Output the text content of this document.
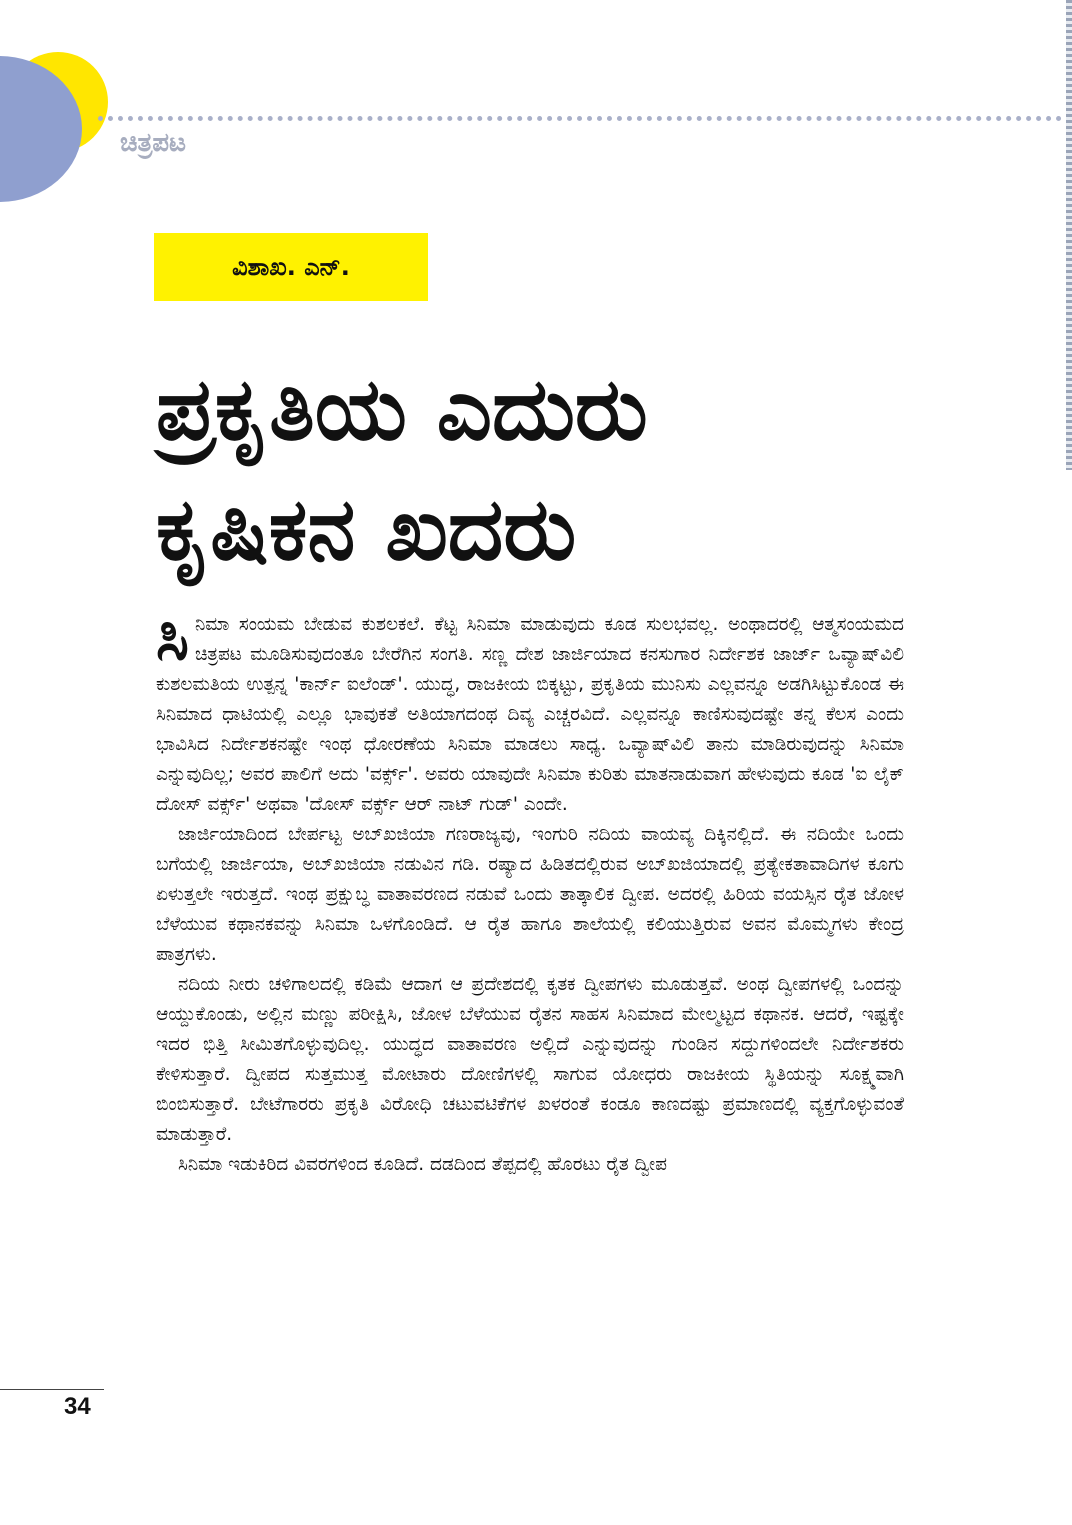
ಚಿತ್ರಪಟ
ವಿಶಾಖ. ಎನ್.
ಪ್ರಕೃತಿಯ ಎದುರು
ಕೃಷಿಕನ ಖದರು

ಸಿ ನಿಮಾ ಸಂಯಮ ಬೇಡುವ ಕುಶಲಕಲೆ. ಕೆಟ್ಟ ಸಿನಿಮಾ ಮಾಡುವುದು ಕೂಡ ಸುಲಭವಲ್ಲ. ಅಂಥಾದರಲ್ಲಿ ಆತ್ಮಸಂಯಮದ ಚಿತ್ರಪಟ ಮೂಡಿಸುವುದಂತೂ ಬೇರೆಗಿನ ಸಂಗತಿ. ಸಣ್ಣ ದೇಶ ಜಾರ್ಜಿಯಾದ ಕನಸುಗಾರ ನಿರ್ದೇಶಕ ಜಾರ್ಜ್ ಒವ್ಯಾಷ್‌ವಿಲಿ ಕುಶಲಮತಿಯ ಉತ್ಪನ್ನ 'ಕಾರ್ನ್ ಐಲೆಂಡ್'. ಯುದ್ಧ, ರಾಜಕೀಯ ಬಿಕ್ಕಟ್ಟು, ಪ್ರಕೃತಿಯ ಮುನಿಸು ಎಲ್ಲವನ್ನೂ ಅಡಗಿಸಿಟ್ಟುಕೊಂಡ ಈ ಸಿನಿಮಾದ ಧಾಟಿಯಲ್ಲಿ ಎಲ್ಲೂ ಭಾವುಕತೆ ಅತಿಯಾಗದಂಥ ದಿವ್ಯ ಎಚ್ಚರವಿದೆ. ಎಲ್ಲವನ್ನೂ ಕಾಣಿಸುವುದಷ್ಟೇ ತನ್ನ ಕೆಲಸ ಎಂದು ಭಾವಿಸಿದ ನಿರ್ದೇಶಕನಷ್ಟೇ ಇಂಥ ಧೋರಣೆಯ ಸಿನಿಮಾ ಮಾಡಲು ಸಾಧ್ಯ. ಒವ್ಯಾಷ್‌ವಿಲಿ ತಾನು ಮಾಡಿರುವುದನ್ನು ಸಿನಿಮಾ ಎನ್ನುವುದಿಲ್ಲ; ಅವರ ಪಾಲಿಗೆ ಅದು 'ವರ್ಕ್ಸ್'. ಅವರು ಯಾವುದೇ ಸಿನಿಮಾ ಕುರಿತು ಮಾತನಾಡುವಾಗ ಹೇಳುವುದು ಕೂಡ 'ಐ ಲೈಕ್ ದೋಸ್ ವರ್ಕ್ಸ್' ಅಥವಾ 'ದೋಸ್ ವರ್ಕ್ಸ್ ಆರ್ ನಾಟ್ ಗುಡ್' ಎಂದೇ.

ಜಾರ್ಜಿಯಾದಿಂದ ಬೇರ್ಪಟ್ಟ ಅಬ್‌ಖಜಿಯಾ ಗಣರಾಜ್ಯವು, ಇಂಗುರಿ ನದಿಯ ವಾಯವ್ಯ ದಿಕ್ಕಿನಲ್ಲಿದೆ. ಈ ನದಿಯೇ ಒಂದು ಬಗೆಯಲ್ಲಿ ಜಾರ್ಜಿಯಾ, ಅಬ್‌ಖಜಿಯಾ ನಡುವಿನ ಗಡಿ. ರಷ್ಯಾದ ಹಿಡಿತದಲ್ಲಿರುವ ಅಬ್‌ಖಜಿಯಾದಲ್ಲಿ ಪ್ರತ್ಯೇಕತಾವಾದಿಗಳ ಕೂಗು ಏಳುತ್ತಲೇ ಇರುತ್ತದೆ. ಇಂಥ ಪ್ರಕ್ಷುಬ್ಧ ವಾತಾವರಣದ ನಡುವೆ ಒಂದು ತಾತ್ಕಾಲಿಕ ದ್ವೀಪ. ಅದರಲ್ಲಿ ಹಿರಿಯ ವಯಸ್ಸಿನ ರೈತ ಜೋಳ ಬೆಳೆಯುವ ಕಥಾನಕವನ್ನು ಸಿನಿಮಾ ಒಳಗೊಂಡಿದೆ. ಆ ರೈತ ಹಾಗೂ ಶಾಲೆಯಲ್ಲಿ ಕಲಿಯುತ್ತಿರುವ ಅವನ ಮೊಮ್ಮಗಳು ಕೇಂದ್ರ ಪಾತ್ರಗಳು.

ನದಿಯ ನೀರು ಚಳಿಗಾಲದಲ್ಲಿ ಕಡಿಮೆ ಆದಾಗ ಆ ಪ್ರದೇಶದಲ್ಲಿ ಕೃತಕ ದ್ವೀಪಗಳು ಮೂಡುತ್ತವೆ. ಅಂಥ ದ್ವೀಪಗಳಲ್ಲಿ ಒಂದನ್ನು ಆಯ್ದುಕೊಂಡು, ಅಲ್ಲಿನ ಮಣ್ಣು ಪರೀಕ್ಷಿಸಿ, ಜೋಳ ಬೆಳೆಯುವ ರೈತನ ಸಾಹಸ ಸಿನಿಮಾದ ಮೇಲ್ಮಟ್ಟದ ಕಥಾನಕ. ಆದರೆ, ಇಷ್ಟಕ್ಕೇ ಇದರ ಭಿತ್ತಿ ಸೀಮಿತಗೊಳ್ಳುವುದಿಲ್ಲ. ಯುದ್ಧದ ವಾತಾವರಣ ಅಲ್ಲಿದೆ ಎನ್ನುವುದನ್ನು ಗುಂಡಿನ ಸದ್ದುಗಳಿಂದಲೇ ನಿರ್ದೇಶಕರು ಕೇಳಿಸುತ್ತಾರೆ. ದ್ವೀಪದ ಸುತ್ತಮುತ್ತ ಮೋಟಾರು ದೋಣಿಗಳಲ್ಲಿ ಸಾಗುವ ಯೋಧರು ರಾಜಕೀಯ ಸ್ಥಿತಿಯನ್ನು ಸೂಕ್ಷ್ಮವಾಗಿ ಬಿಂಬಿಸುತ್ತಾರೆ. ಬೇಟೆಗಾರರು ಪ್ರಕೃತಿ ವಿರೋಧಿ ಚಟುವಟಿಕೆಗಳ ಖಳರಂತೆ ಕಂಡೂ ಕಾಣದಷ್ಟು ಪ್ರಮಾಣದಲ್ಲಿ ವ್ಯಕ್ತಗೊಳ್ಳುವಂತೆ ಮಾಡುತ್ತಾರೆ.

ಸಿನಿಮಾ ಇಡುಕಿರಿದ ವಿವರಗಳಿಂದ ಕೂಡಿದೆ. ದಡದಿಂದ ತೆಪ್ಪದಲ್ಲಿ ಹೊರಟು ರೈತ ದ್ವೀಪ

34
